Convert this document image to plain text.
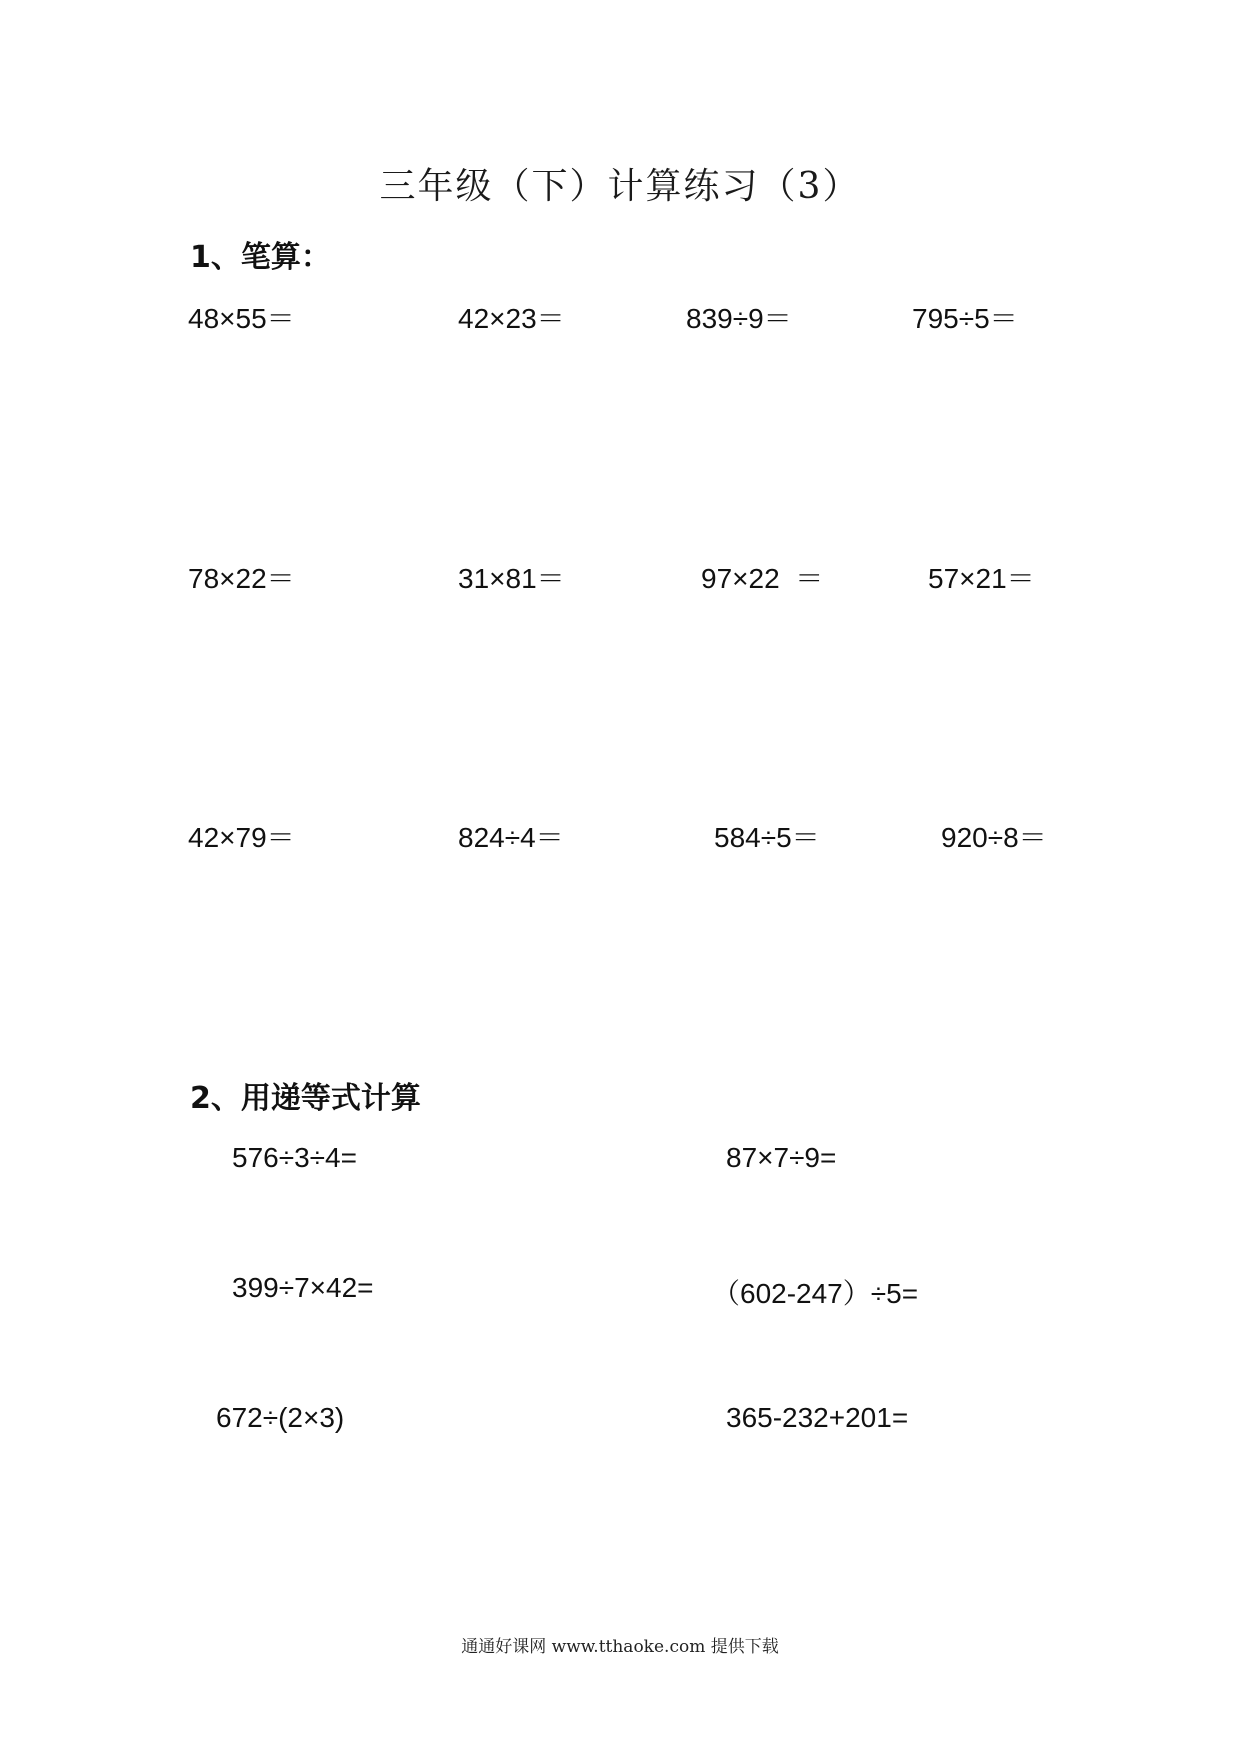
三年级（下）计算练习（3）
1、笔算：
48×55＝	42×23＝	839÷9＝	795÷5＝
78×22＝	31×81＝	97×22  ＝	57×21＝
42×79＝	824÷4＝	584÷5＝	920÷8＝
2、用递等式计算
576÷3÷4=	87×7÷9=
399÷7×42=	（602-247）÷5=
672÷(2×3)	365-232+201=
通通好课网 www.tthaoke.com 提供下载
